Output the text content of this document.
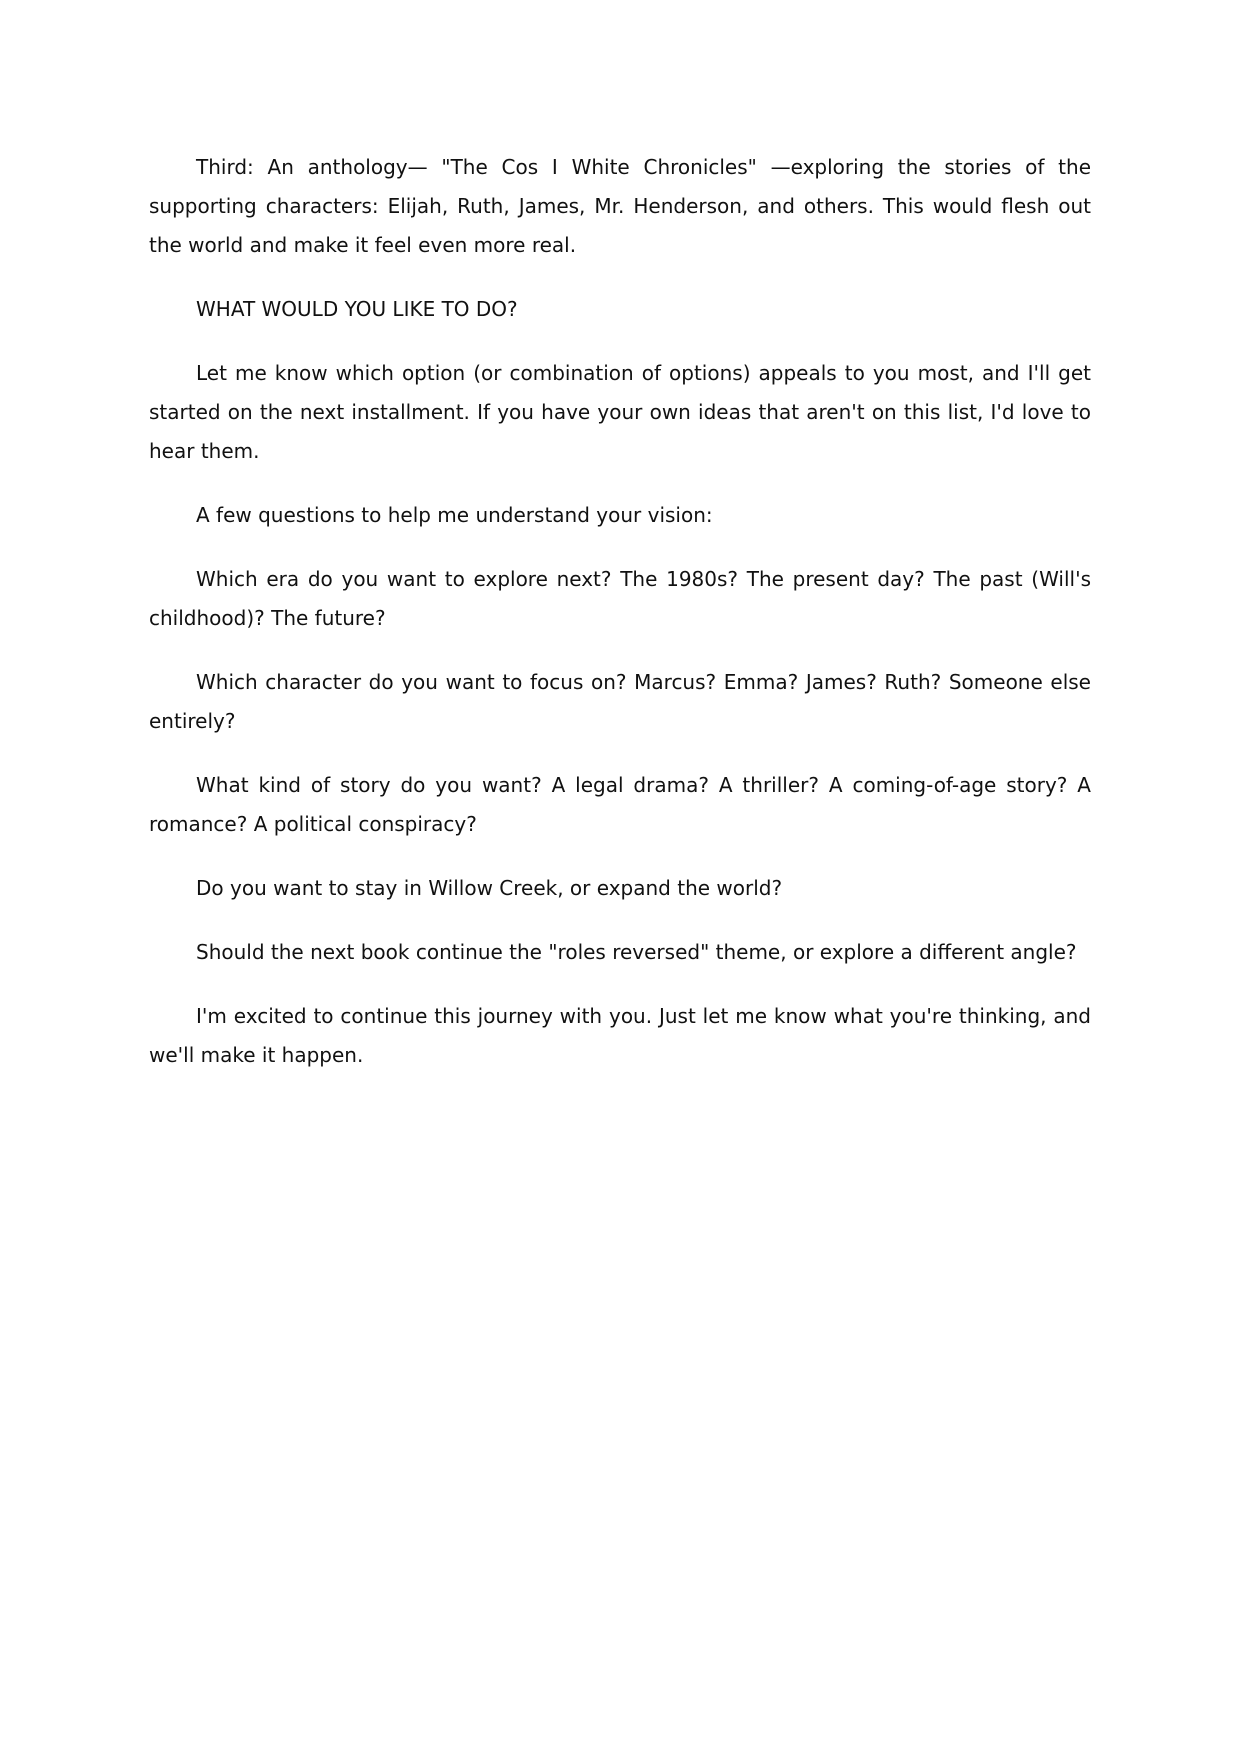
Third: An anthology— "The Cos I White Chronicles" —exploring the stories of the supporting characters: Elijah, Ruth, James, Mr. Henderson, and others. This would flesh out the world and make it feel even more real.

WHAT WOULD YOU LIKE TO DO?

Let me know which option (or combination of options) appeals to you most, and I'll get started on the next installment. If you have your own ideas that aren't on this list, I'd love to hear them.

A few questions to help me understand your vision:

Which era do you want to explore next? The 1980s? The present day? The past (Will's childhood)? The future?

Which character do you want to focus on? Marcus? Emma? James? Ruth? Someone else entirely?

What kind of story do you want? A legal drama? A thriller? A coming-of-age story? A romance? A political conspiracy?

Do you want to stay in Willow Creek, or expand the world?

Should the next book continue the "roles reversed" theme, or explore a different angle?

I'm excited to continue this journey with you. Just let me know what you're thinking, and we'll make it happen.
